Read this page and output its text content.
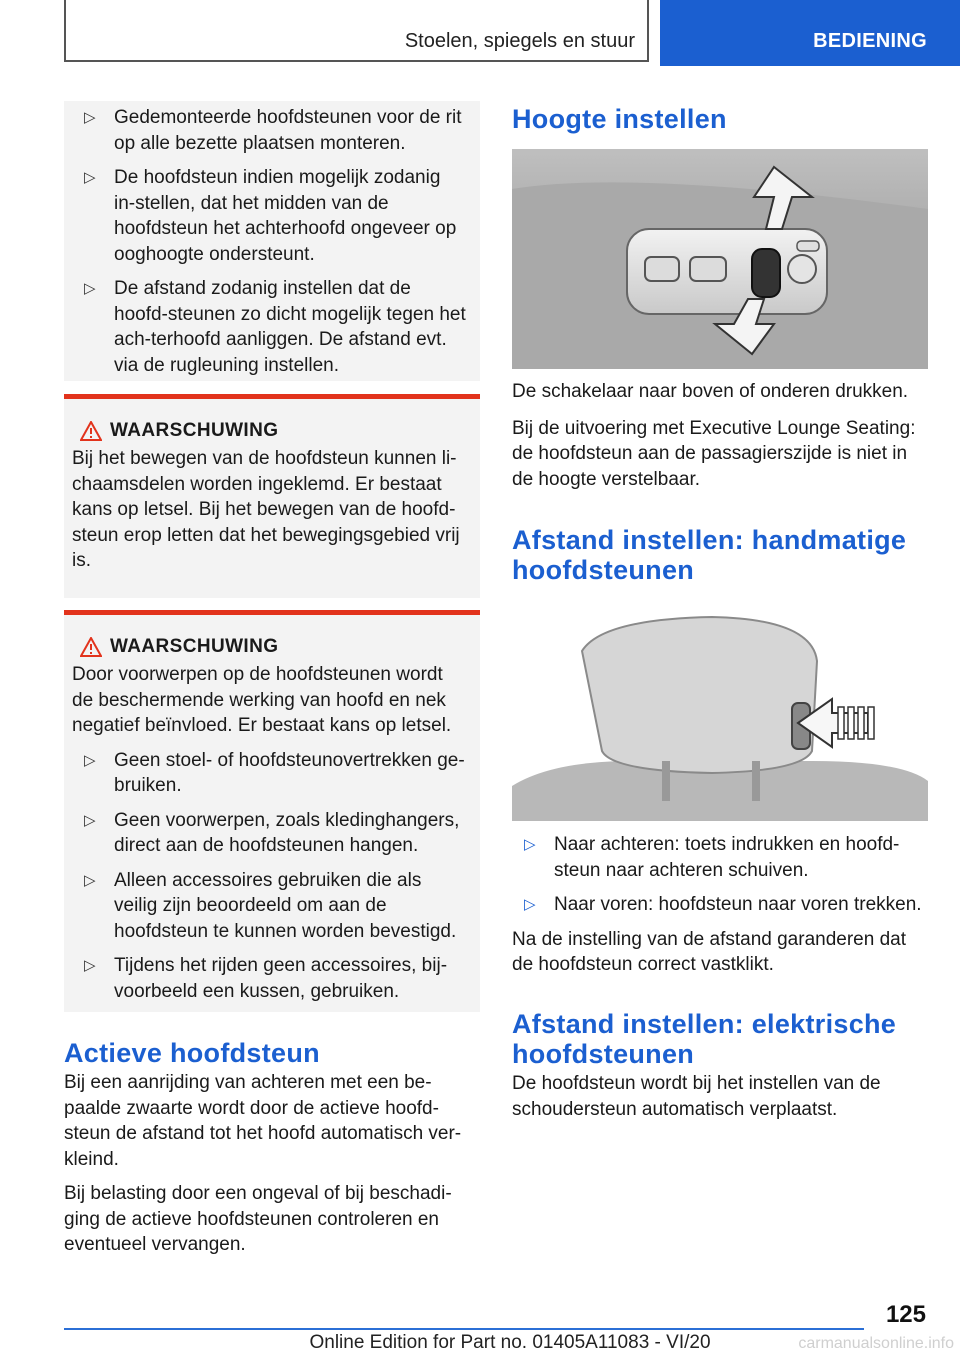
Stoelen, spiegels en stuur	BEDIENING
▷ Gedemonteerde hoofdsteunen voor de rit op alle bezette plaatsen monteren.
▷ De hoofdsteun indien mogelijk zodanig in-stellen, dat het midden van de hoofdsteun het achterhoofd ongeveer op ooghoogte ondersteunt.
▷ De afstand zodanig instellen dat de hoofd-steunen zo dicht mogelijk tegen het ach-terhoofd aanliggen. De afstand evt. via de rugleuning instellen.
WAARSCHUWING

Bij het bewegen van de hoofdsteun kunnen li-chaamsdelen worden ingeklemd. Er bestaat kans op letsel. Bij het bewegen van de hoofd-steun erop letten dat het bewegingsgebied vrij is.

WAARSCHUWING

Door voorwerpen op de hoofdsteunen wordt de beschermende werking van hoofd en nek negatief beïnvloed. Er bestaat kans op letsel.

▷ Geen stoel- of hoofdsteunovertrekken ge-bruiken.
▷ Geen voorwerpen, zoals kledinghangers, direct aan de hoofdsteunen hangen.
▷ Alleen accessoires gebruiken die als veilig zijn beoordeeld om aan de hoofdsteun te kunnen worden bevestigd.
▷ Tijdens het rijden geen accessoires, bij-voorbeeld een kussen, gebruiken.
Actieve hoofdsteun

Bij een aanrijding van achteren met een be-paalde zwaarte wordt door de actieve hoofd-steun de afstand tot het hoofd automatisch ver-kleind.

Bij belasting door een ongeval of bij beschadi-ging de actieve hoofdsteunen controleren en eventueel vervangen.

Hoogte instellen

De schakelaar naar boven of onderen drukken.

Bij de uitvoering met Executive Lounge Seating: de hoofdsteun aan de passagierszijde is niet in de hoogte verstelbaar.

Afstand instellen: handmatige
hoofdsteunen
▷ Naar achteren: toets indrukken en hoofd-steun naar achteren schuiven.
▷ Naar voren: hoofdsteun naar voren trekken.

Na de instelling van de afstand garanderen dat de hoofdsteun correct vastklikt.

Afstand instellen: elektrische
hoofdsteunen

De hoofdsteun wordt bij het instellen van de schoudersteun automatisch verplaatst.

125
Online Edition for Part no. 01405A11083 - VI/20	carmanualsonline.info
